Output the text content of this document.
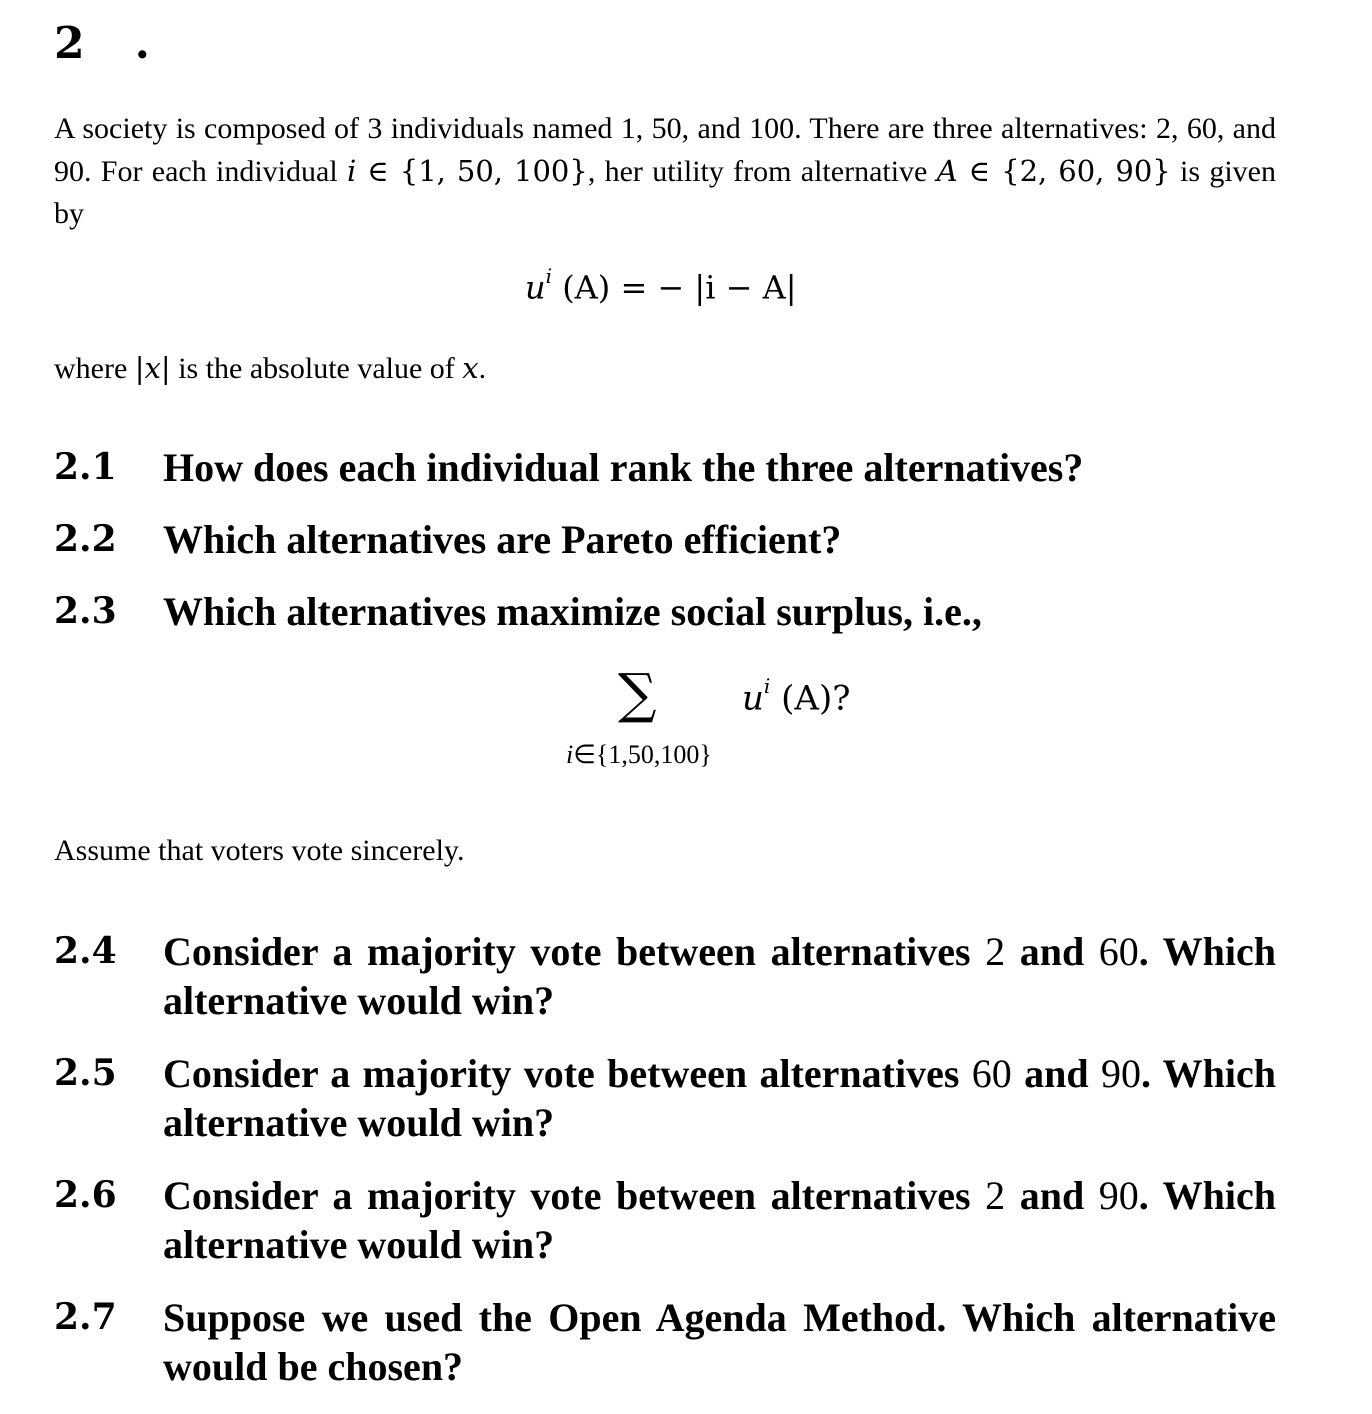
2 .
A society is composed of 3 individuals named 1, 50, and 100. There are three alternatives: 2, 60, and 90. For each individual i ∈ {1, 50, 100}, her utility from alternative A ∈ {2, 60, 90} is given by
$u^i$ (A) = − |i − A|
where |x| is the absolute value of x.
2.1	How does each individual rank the three alternatives?
2.2	Which alternatives are Pareto efficient?
2.3	Which alternatives maximize social surplus, i.e.,
∑
i∈{1,50,100}
$u^i$ (A)?
Assume that voters vote sincerely.
2.4	Consider a majority vote between alternatives 2 and 60. Which alternative would win?
2.5	Consider a majority vote between alternatives 60 and 90. Which alternative would win?
2.6	Consider a majority vote between alternatives 2 and 90. Which alternative would win?
2.7	Suppose we used the Open Agenda Method. Which alternative would be chosen?
